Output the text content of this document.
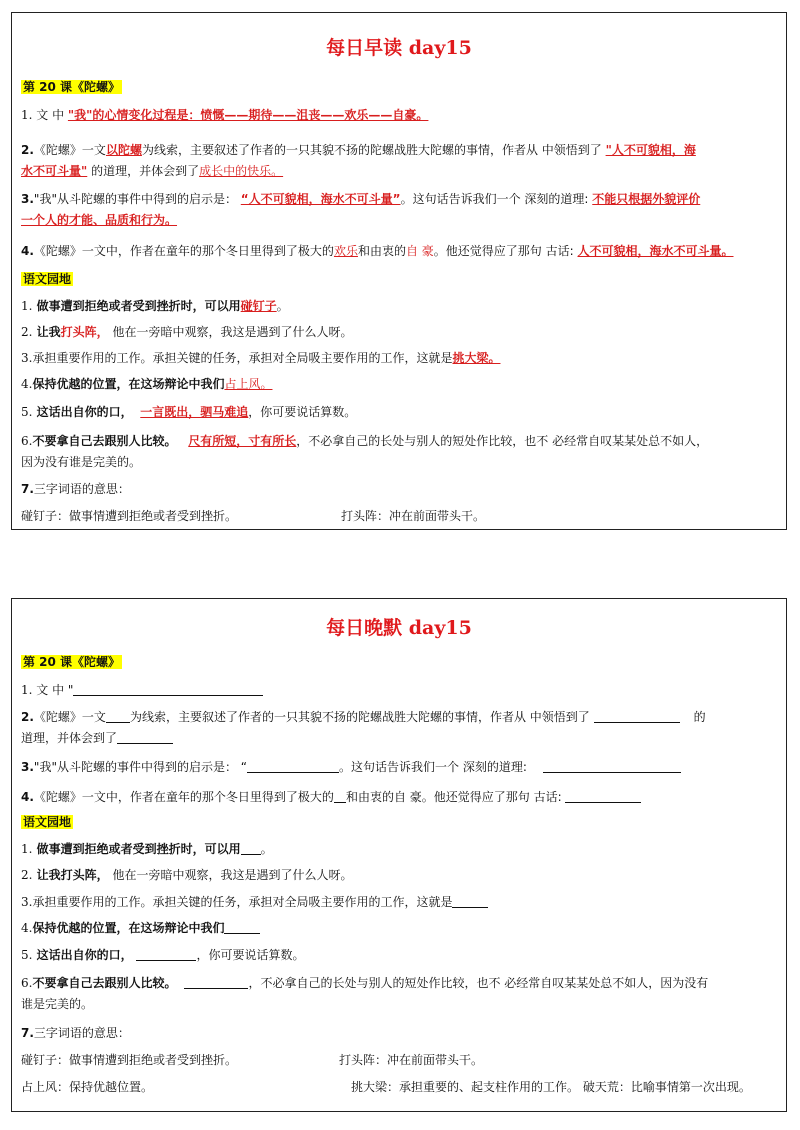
每日早读 day15
第 20 课《陀螺》
1. 文 中 "我"的心情变化过程是：愤慨——期待——沮丧——欢乐——自豪。
2.《陀螺》一文以陀螺为线索，主要叙述了作者的一只其貌不扬的陀螺战胜大陀螺的事情，作者从 中领悟到了 "人不可貌相，海
水不可斗量" 的道理，并体会到了成长中的快乐。
3."我"从斗陀螺的事件中得到的启示是： “人不可貌相，海水不可斗量”。这句话告诉我们一个 深刻的道理: 不能只根据外貌评价
一个人的才能、品质和行为。
4.《陀螺》一文中，作者在童年的那个冬日里得到了极大的欢乐和由衷的自 豪。他还觉得应了那句 古话: 人不可貌相，海水不可斗量。
语文园地
1. 做事遭到拒绝或者受到挫折时，可以用碰钉子。
2. 让我打头阵， 他在一旁暗中观察，我这是遇到了什么人呀。
3.承担重要作用的工作。承担关键的任务，承担对全局吸主要作用的工作，这就是挑大梁。
4.保持优越的位置，在这场辩论中我们占上风。
5. 这话出自你的口， 一言既出，驷马难追，你可要说话算数。
6.不要拿自己去跟别人比较。   尺有所短，寸有所长，不必拿自己的长处与别人的短处作比较，也不 必经常自叹某某处总不如人，
因为没有谁是完美的。
7.三字词语的意思：
碰钉子：做事情遭到拒绝或者受到挫折。	打头阵：冲在前面带头干。
每日晚默 day15
第 20 课《陀螺》
1. 文 中 "
2.《陀螺》一文 为线索，主要叙述了作者的一只其貌不扬的陀螺战胜大陀螺的事情，作者从 中领悟到了	的
道理，并体会到了
3."我"从斗陀螺的事件中得到的启示是： “	。这句话告诉我们一个 深刻的道理:
4.《陀螺》一文中，作者在童年的那个冬日里得到了极大的 和由衷的自 豪。他还觉得应了那句 古话:
语文园地
1. 做事遭到拒绝或者受到挫折时，可以用 。
2. 让我打头阵， 他在一旁暗中观察，我这是遇到了什么人呀。
3.承担重要作用的工作。承担关键的任务，承担对全局吸主要作用的工作，这就是
4.保持优越的位置，在这场辩论中我们
5. 这话出自你的口，	，你可要说话算数。
6.不要拿自己去跟别人比较。	，不必拿自己的长处与别人的短处作比较，也不 必经常自叹某某处总不如人，因为没有
谁是完美的。
7.三字词语的意思：
碰钉子：做事情遭到拒绝或者受到挫折。	打头阵：冲在前面带头干。
占上风：保持优越位置。	挑大梁：承担重要的、起支柱作用的工作。 破天荒：比喻事情第一次出现。
